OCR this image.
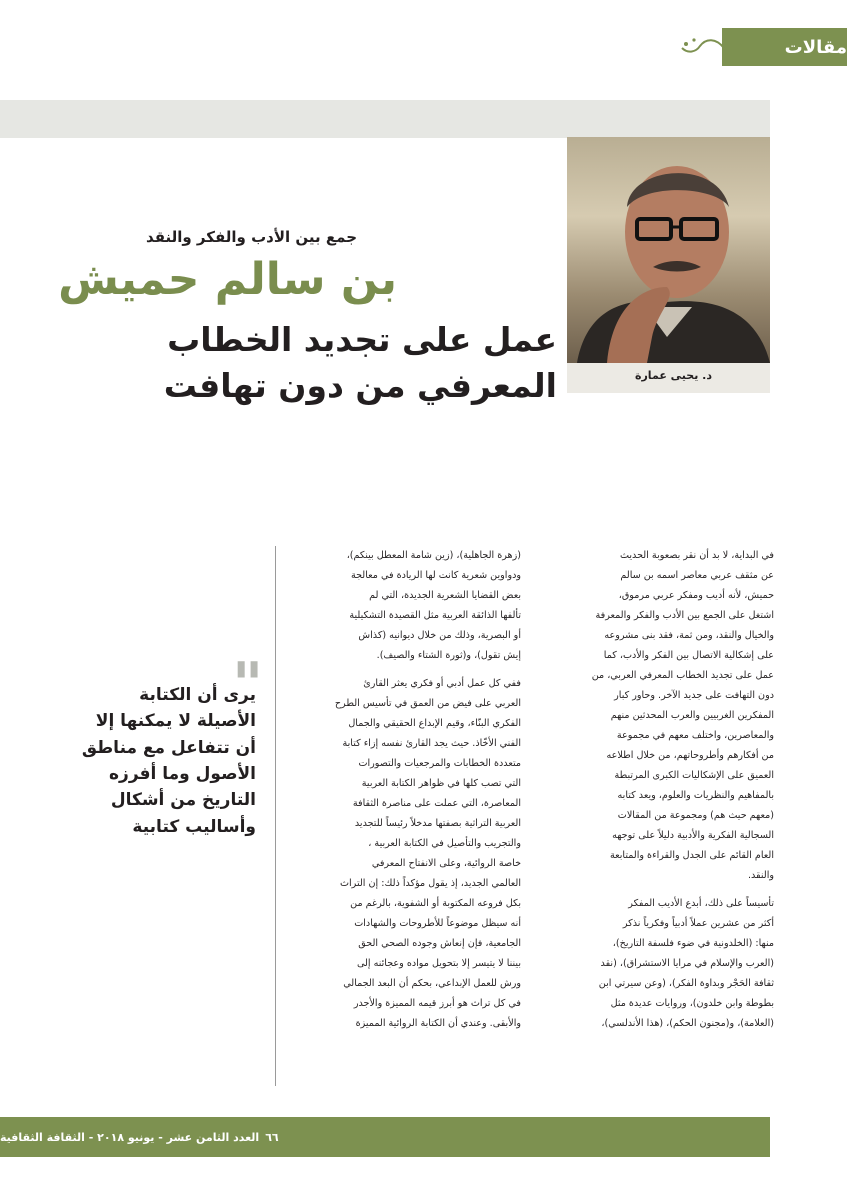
مقالات
د. يحيى عمارة
جمع بين الأدب والفكر والنقد
بن سالم حميش
عمل على تجديد الخطاب
المعرفي من دون تهافت
"

يرى أن الكتابة

الأصيلة لا يمكنها إلا

أن تتفاعل مع مناطق

الأصول وما أفرزه

التاريخ من أشكال

وأساليب كتابية

في البداية، لا بد أن نقر بصعوبة الحديث

عن مثقف عربي معاصر اسمه بن سالم

حميش، لأنه أديب ومفكر عربي مرموق،

اشتغل على الجمع بين الأدب والفكر والمعرفة

والخيال والنقد، ومن ثمة، فقد بنى مشروعه

على إشكالية الاتصال بين الفكر والأدب، كما

عمل على تجديد الخطاب المعرفي العربي، من

دون التهافت على جديد الآخر. وحاور كبار

المفكرين الغربيين والعرب المحدثين منهم

والمعاصرين، واختلف معهم في مجموعة

من أفكارهم وأطروحاتهم، من خلال اطلاعه

العميق على الإشكاليات الكبرى المرتبطة

بالمفاهيم والنظريات والعلوم، ويعد كتابه

(معهم حيث هم) ومجموعة من المقالات

السجالية الفكرية والأدبية دليلاً على توجهه

العام القائم على الجدل والقراءة والمتابعة

والنقد.

تأسيساً على ذلك، أبدع الأديب المفكر

أكثر من عشرين عملاً أدبياً وفكرياً نذكر

منها: (الخلدونية في ضوء فلسفة التاريخ)،

(العرب والإسلام في مرايا الاستشراق)، (نقد

ثقافة الحَجْر وبداوة الفكر)، (وعن سيرتي ابن

بطوطة وابن خلدون)، وروايات عديدة مثل

(العلامة)، و(مجنون الحكم)، (هذا الأندلسي)،

(زهرة الجاهلية)، (زين شامة المعطل بينكم)،

ودواوين شعرية كانت لها الريادة في معالجة

بعض القضايا الشعرية الجديدة، التي لم

تألفها الذائقة العربية مثل القصيدة التشكيلية

أو البصرية، وذلك من خلال ديوانيه (كذاش

إيش تقول)، و(ثورة الشتاء والصيف).

ففي كل عمل أدبي أو فكري يعثر القارئ

العربي على فيض من العمق في تأسيس الطرح

الفكري البنّاء، وقيم الإبداع الحقيقي والجمال

الفني الأخّاذ. حيث يجد القارئ نفسه إزاء كتابة

متعددة الخطابات والمرجعيات والتصورات

التي تصب كلها في ظواهر الكتابة العربية

المعاصرة، التي عملت على مناصرة الثقافة

العربية التراثية بصفتها مدخلاً رئيساً للتجديد

والتجريب والتأصيل في الكتابة العربية ،

خاصة الروائية، وعلى الانفتاح المعرفي

العالمي الجديد، إذ يقول مؤكداً ذلك: إن التراث

بكل فروعه المكتوبة أو الشفوية، بالرغم من

أنه سيظل موضوعاً للأطروحات والشهادات

الجامعية، فإن إنعاش وجوده الصحي الحق

بيننا لا يتيسر إلا بتحويل مواده وعجائنه إلى

ورش للعمل الإبداعي، بحكم أن البعد الجمالي

في كل تراث هو أبرز قيمه المميزة والأجدر

والأبقى. وعندي أن الكتابة الروائية المميزة

٦٦
العدد الثامن عشر - يونيو ٢٠١٨ - الثقافة الثقافية
